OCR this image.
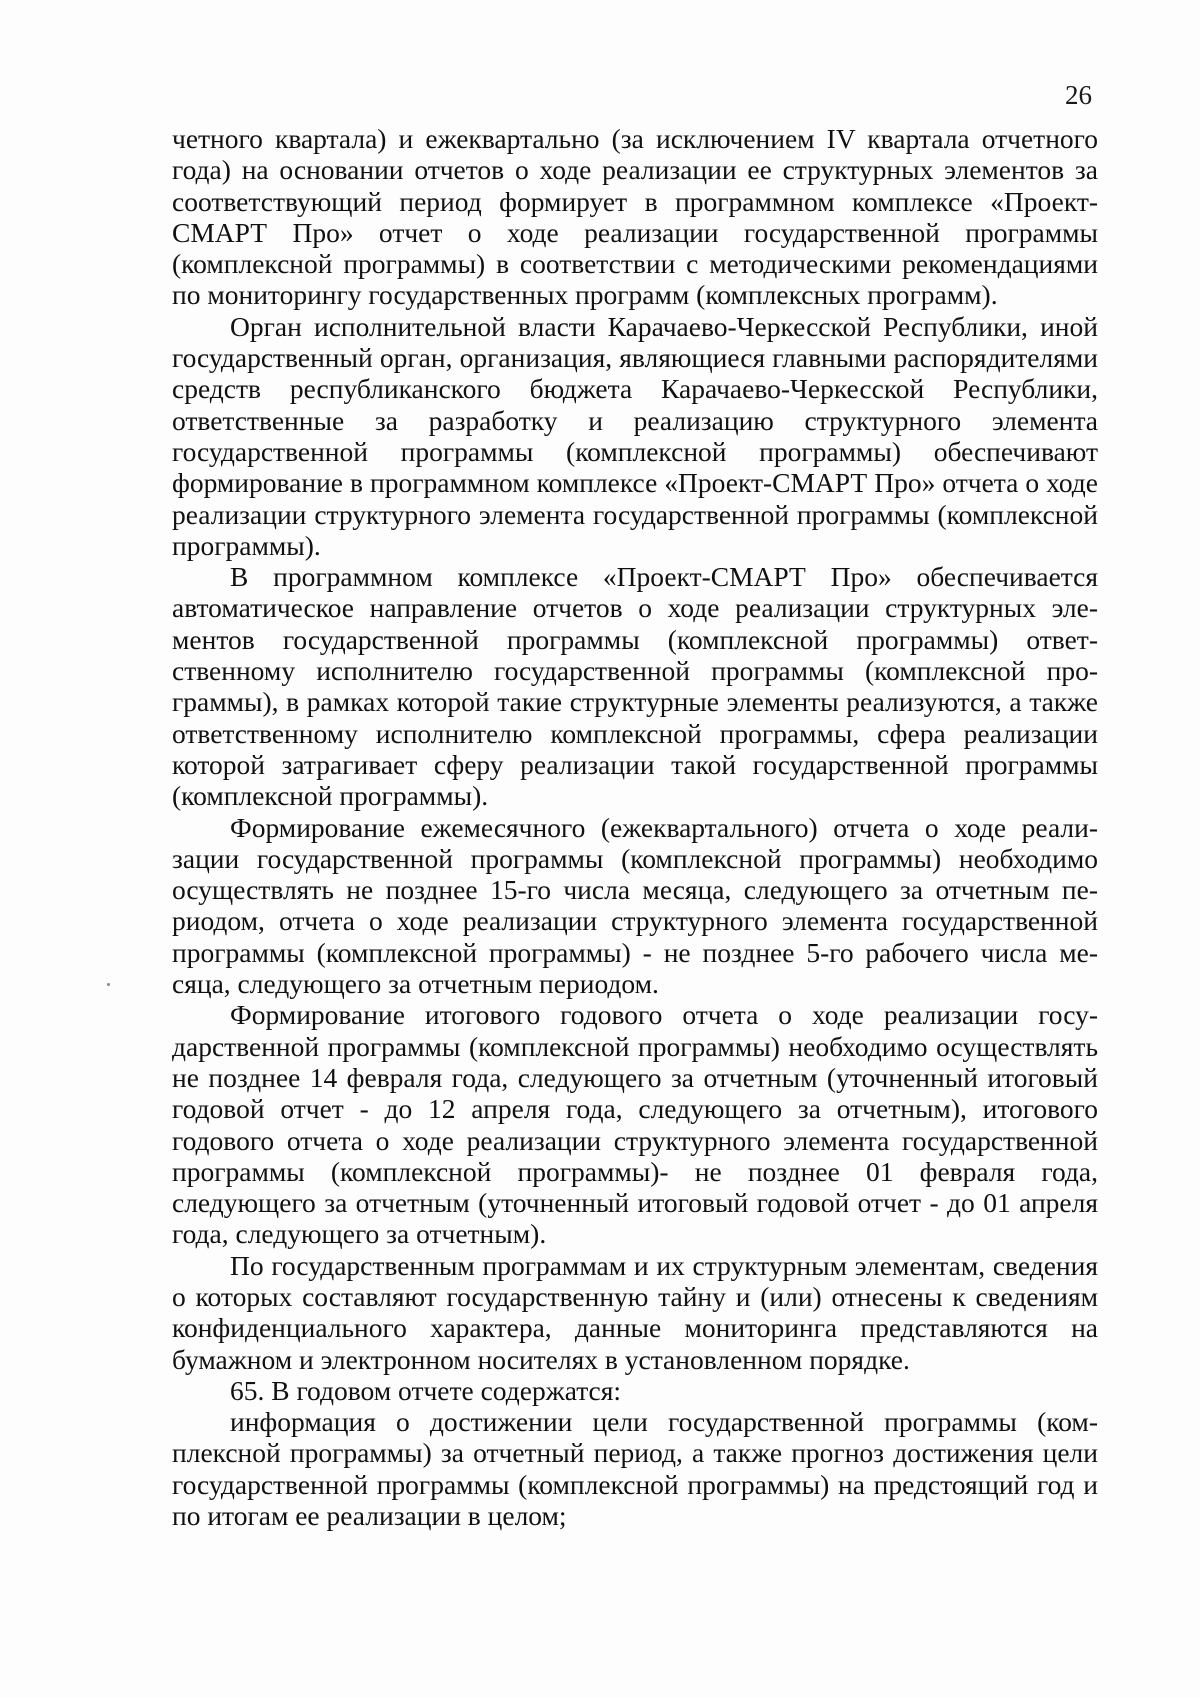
26

четного квартала) и ежеквартально (за исключением IV квартала отчетного года) на основании отчетов о ходе реализации ее структурных элементов за соответствующий период формирует в программном комплексе «Проект-СМАРТ Про» отчет о ходе реализации государственной программы (комплексной программы) в соответствии с методическими рекомендациями по мониторингу государственных программ (комплексных программ).

Орган исполнительной власти Карачаево-Черкесской Республики, иной государственный орган, организация, являющиеся главными распорядителями средств республиканского бюджета Карачаево-Черкесской Республики, ответственные за разработку и реализацию структурного элемента государственной программы (комплексной программы) обеспечивают формирование в программном комплексе «Проект-СМАРТ Про» отчета о ходе реализации структурного элемента государственной программы (комплексной программы).

В программном комплексе «Проект-СМАРТ Про» обеспечивается автоматическое направление отчетов о ходе реализации структурных элементов государственной программы (комплексной программы) ответственному исполнителю государственной программы (комплексной программы), в рамках которой такие структурные элементы реализуются, а также ответственному исполнителю комплексной программы, сфера реализации которой затрагивает сферу реализации такой государственной программы (комплексной программы).

Формирование ежемесячного (ежеквартального) отчета о ходе реализации государственной программы (комплексной программы) необходимо осуществлять не позднее 15-го числа месяца, следующего за отчетным периодом, отчета о ходе реализации структурного элемента государственной программы (комплексной программы) - не позднее 5-го рабочего числа месяца, следующего за отчетным периодом.

Формирование итогового годового отчета о ходе реализации государственной программы (комплексной программы) необходимо осуществлять не позднее 14 февраля года, следующего за отчетным (уточненный итоговый годовой отчет - до 12 апреля года, следующего за отчетным), итогового годового отчета о ходе реализации структурного элемента государственной программы (комплексной программы)- не позднее 01 февраля года, следующего за отчетным (уточненный итоговый годовой отчет - до 01 апреля года, следующего за отчетным).

По государственным программам и их структурным элементам, сведения о которых составляют государственную тайну и (или) отнесены к сведениям конфиденциального характера, данные мониторинга представляются на бумажном и электронном носителях в установленном порядке.

65. В годовом отчете содержатся:

информация о достижении цели государственной программы (комплексной программы) за отчетный период, а также прогноз достижения цели государственной программы (комплексной программы) на предстоящий год и по итогам ее реализации в целом;
